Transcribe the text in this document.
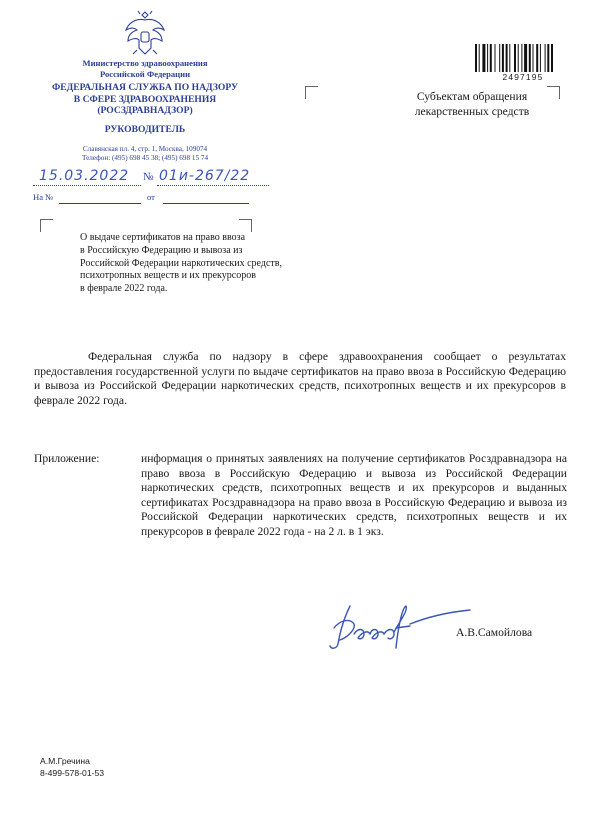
Министерство здравоохранения
Российской Федерации
ФЕДЕРАЛЬНАЯ СЛУЖБА ПО НАДЗОРУ
В СФЕРЕ ЗДРАВООХРАНЕНИЯ
(РОСЗДРАВНАДЗОР)
РУКОВОДИТЕЛЬ
Славянская пл. 4, стр. 1, Москва, 109074
Телефон: (495) 698 45 38; (495) 698 15 74
15.03.2022 № 01и-267/22
На №	от
2497195
Субъектам обращения
лекарственных средств
О выдаче сертификатов на право ввоза
в Российскую Федерацию и вывоза из
Российской Федерации наркотических средств,
психотропных веществ и их прекурсоров
в феврале 2022 года.
Федеральная служба по надзору в сфере здравоохранения сообщает о результатах предоставления государственной услуги по выдаче сертификатов на право ввоза в Российскую Федерацию и вывоза из Российской Федерации наркотических средств, психотропных веществ и их прекурсоров в феврале 2022 года.
Приложение:	информация о принятых заявлениях на получение сертификатов Росздравнадзора на право ввоза в Российскую Федерацию и вывоза из Российской Федерации наркотических средств, психотропных веществ и их прекурсоров и выданных сертификатах Росздравнадзора на право ввоза в Российскую Федерацию и вывоза из Российской Федерации наркотических средств, психотропных веществ и их прекурсоров в феврале 2022 года - на 2 л. в 1 экз.
А.В.Самойлова
А.М.Гречина
8-499-578-01-53
